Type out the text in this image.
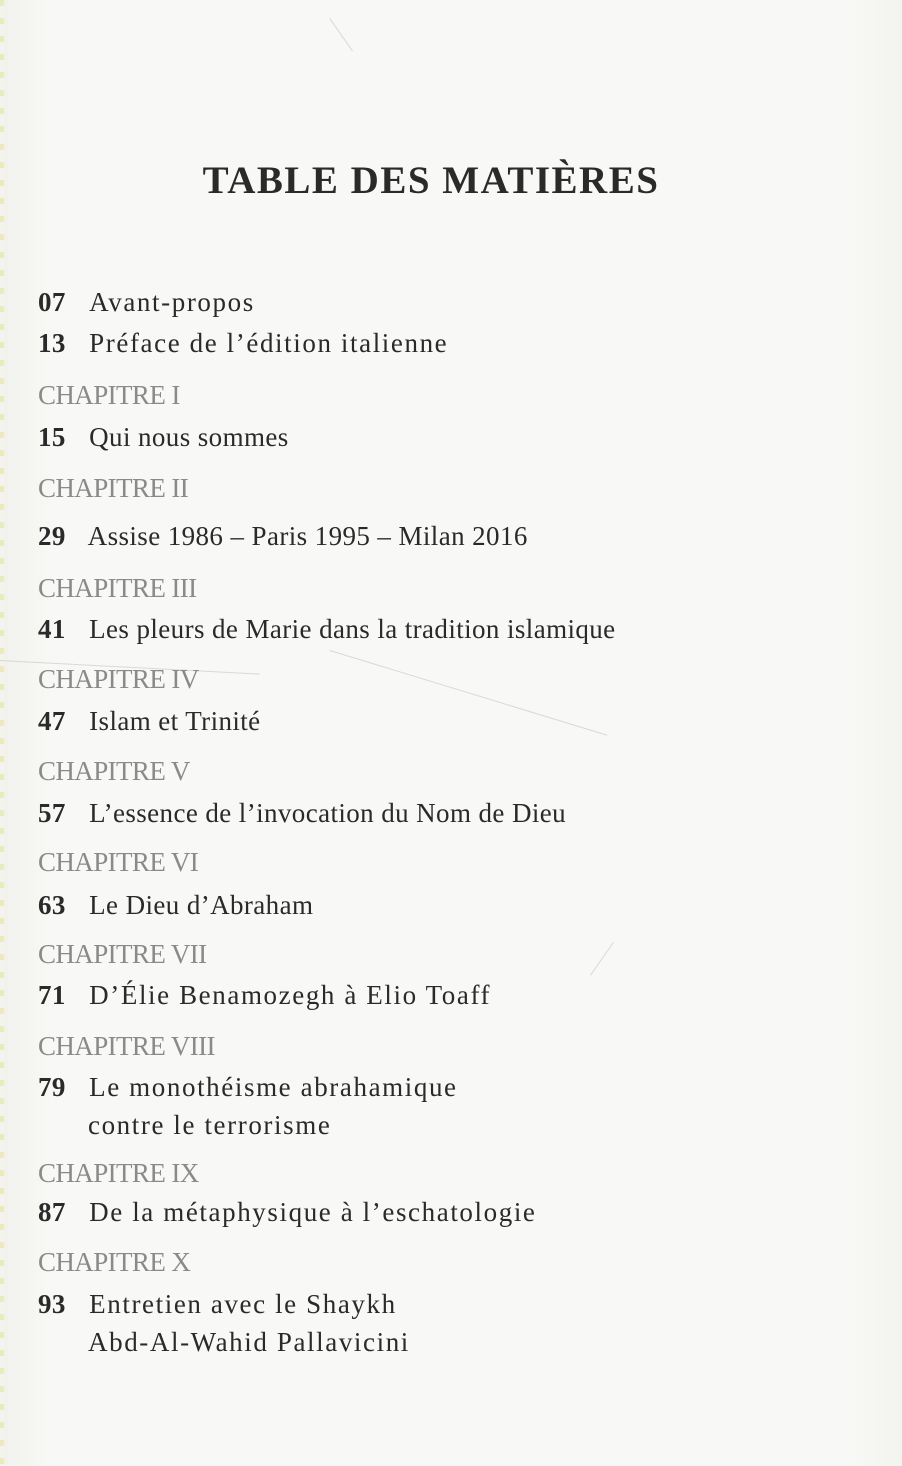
TABLE DES MATIÈRES
07 Avant-propos
13 Préface de l’édition italienne
CHAPITRE I
15 Qui nous sommes
CHAPITRE II
29 Assise 1986 – Paris 1995 – Milan 2016
CHAPITRE III
41 Les pleurs de Marie dans la tradition islamique
CHAPITRE IV
47 Islam et Trinité
CHAPITRE V
57 L’essence de l’invocation du Nom de Dieu
CHAPITRE VI
63 Le Dieu d’Abraham
CHAPITRE VII
71 D’Élie Benamozegh à Elio Toaff
CHAPITRE VIII
79 Le monothéisme abrahamique
contre le terrorisme
CHAPITRE IX
87 De la métaphysique à l’eschatologie
CHAPITRE X
93 Entretien avec le Shaykh
Abd-Al-Wahid Pallavicini
